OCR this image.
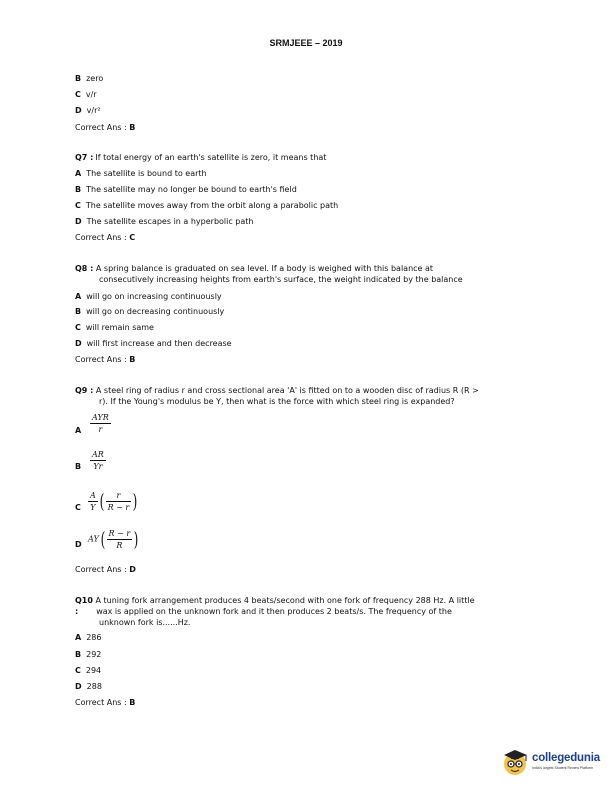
SRMJEEE – 2019
B zero
C v/r
D v/r²
Correct Ans : B
Q7 : If total energy of an earth's satellite is zero, it means that
A The satellite is bound to earth
B The satellite may no longer be bound to earth's field
C The satellite moves away from the orbit along a parabolic path
D The satellite escapes in a hyperbolic path
Correct Ans : C
Q8 : A spring balance is graduated on sea level. If a body is weighed with this balance at
consecutively increasing heights from earth's surface, the weight indicated by the balance
A will go on increasing continuously
B will go on decreasing continuously
C will remain same
D will first increase and then decrease
Correct Ans : B
Q9 : A steel ring of radius r and cross sectional area 'A' is fitted on to a wooden disc of radius R (R >
r). If the Young's modulus be Y, then what is the force with which steel ring is expanded?
A $\frac{\text{AYR}}{r}$
B $\frac{AR}{Yr}$
C $\frac{A}{Y}$ ( $\frac{r}{R - r}$ )
D
$AY( \frac{R - r}{R}$ )
Correct Ans : D
Q10 A tuning fork arrangement produces 4 beats/second with one fork of frequency 288 Hz. A little
: wax is applied on the unknown fork and it then produces 2 beats/s. The frequency of the
unknown fork is......Hz.
A 286
B 292
C 294
D 288
Correct Ans : B
collegedunia
India's largest Student Review Platform
